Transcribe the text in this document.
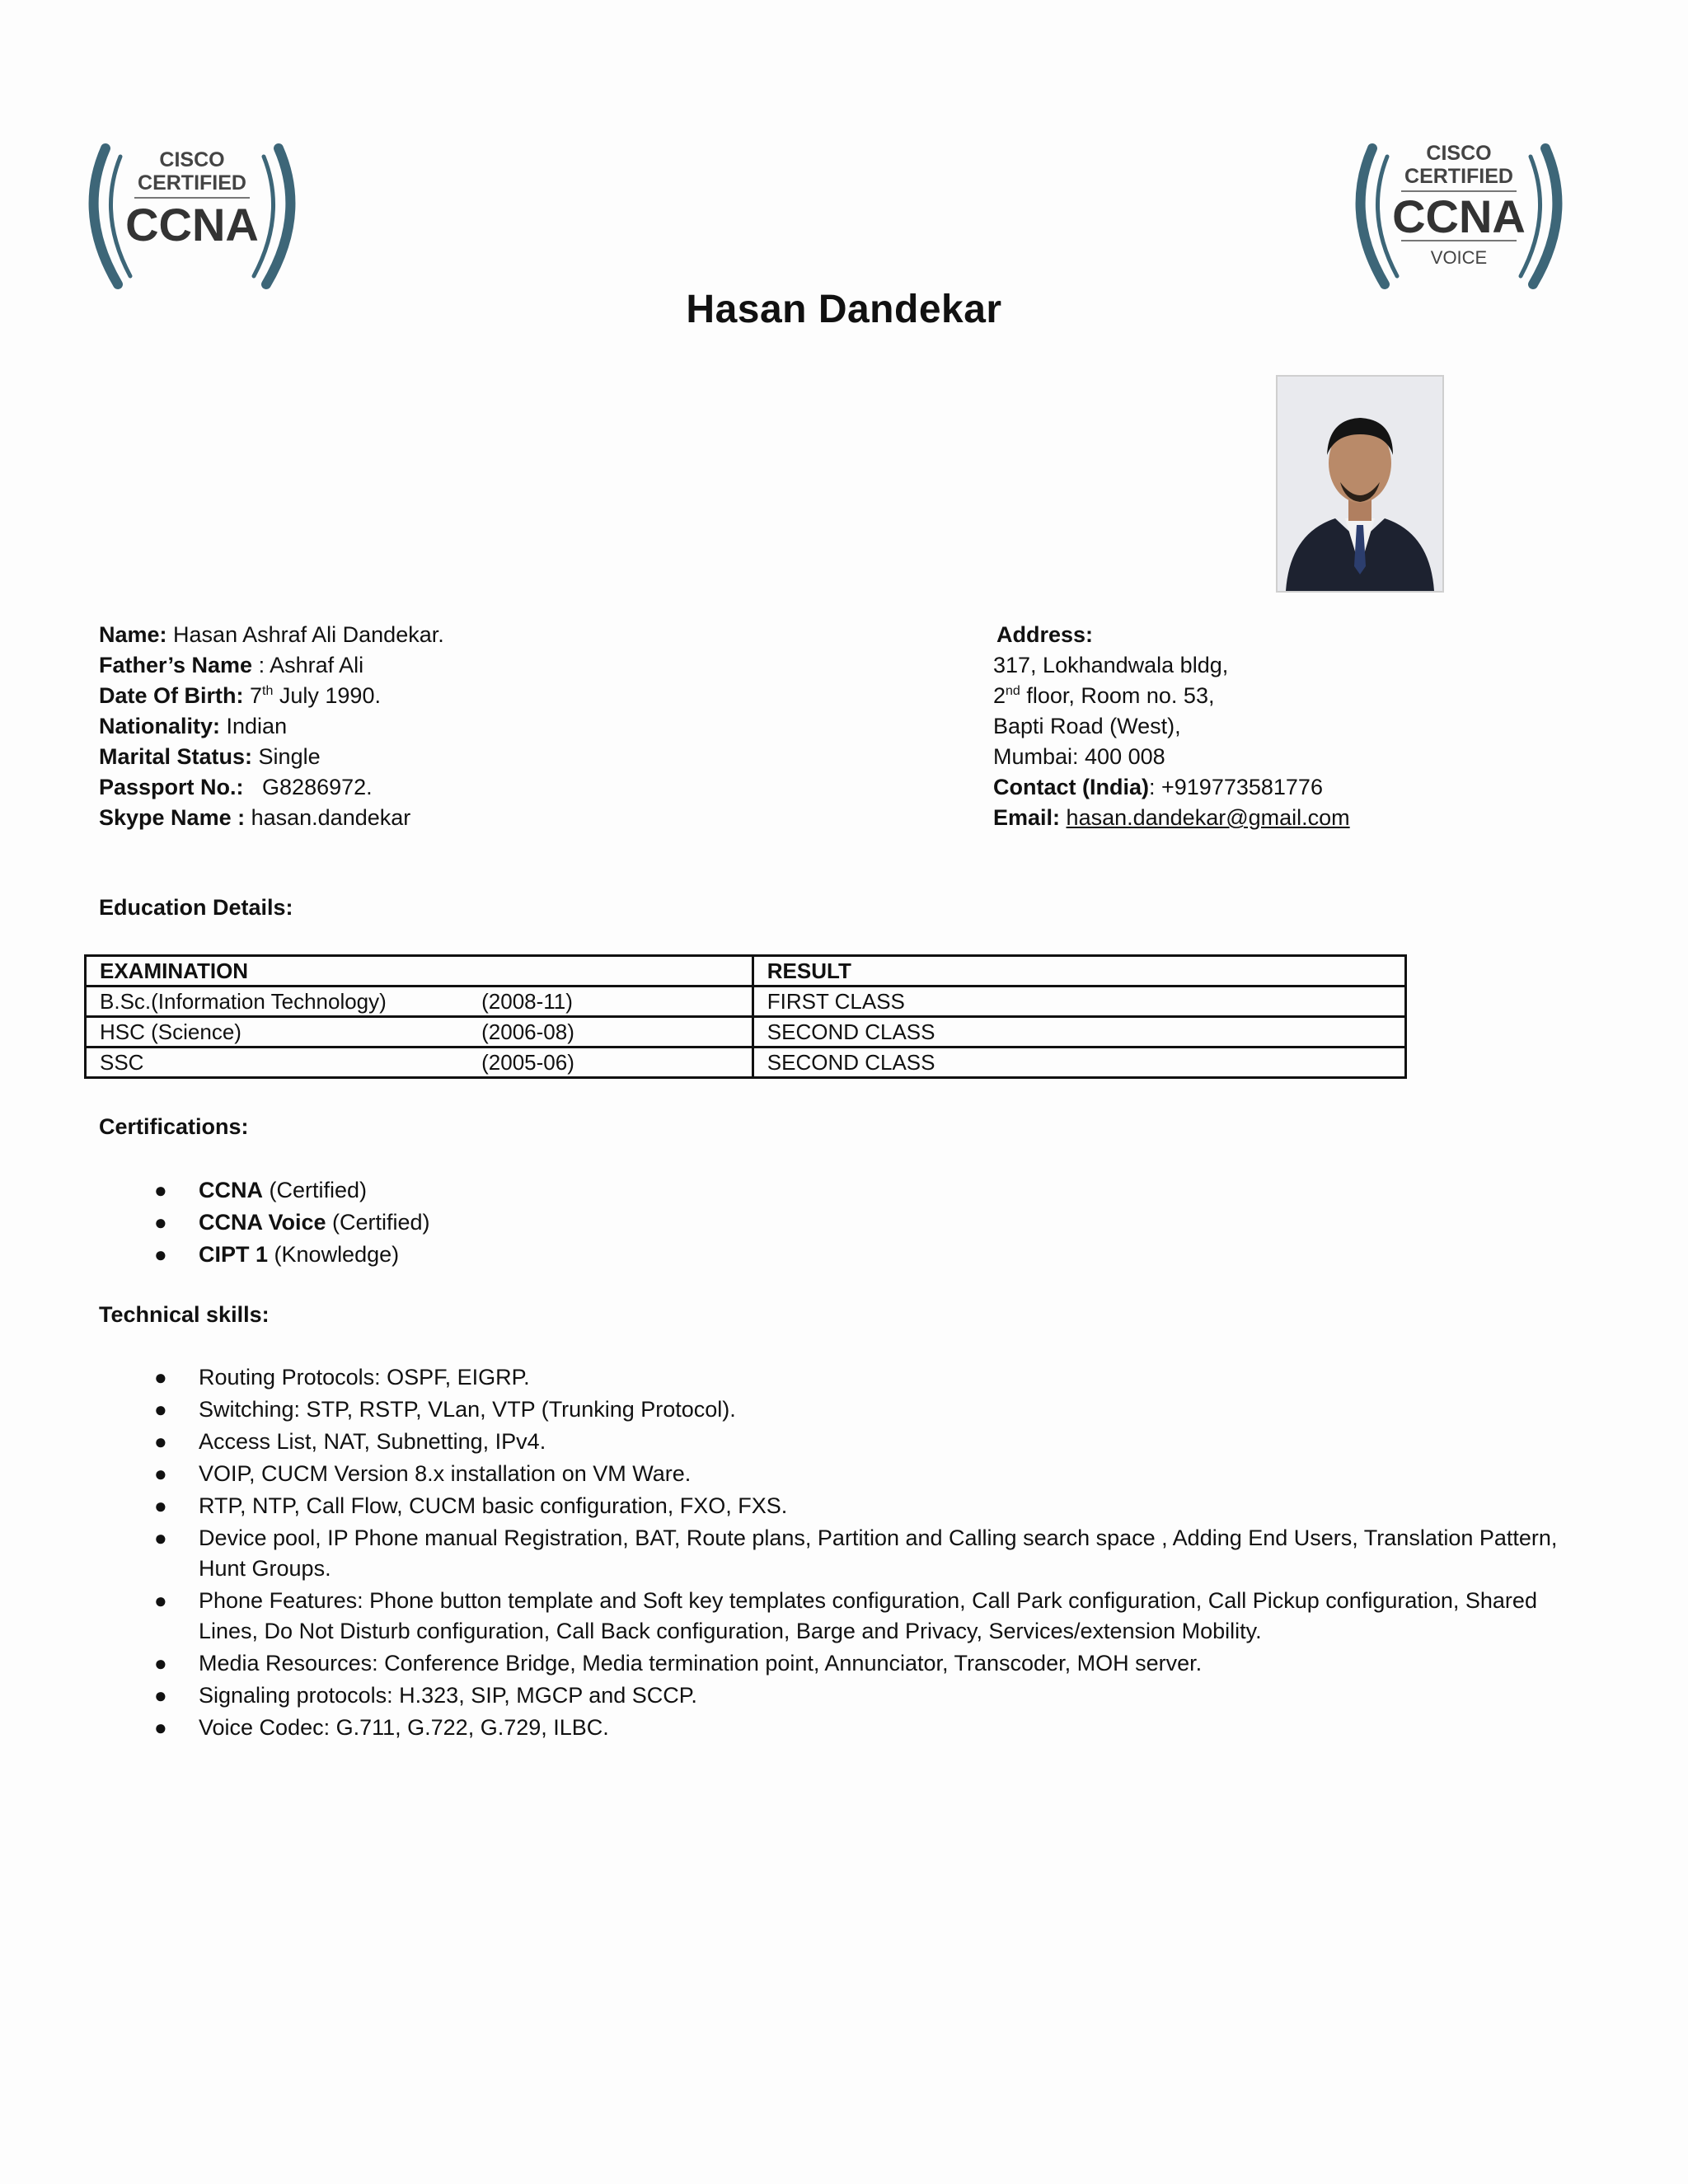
CISCO
CERTIFIED
CCNA
CISCO
CERTIFIED
CCNA
VOICE
Hasan Dandekar
Name: Hasan Ashraf Ali Dandekar.
Father’s Name : Ashraf Ali
Date Of Birth: 7th July 1990.
Nationality: Indian
Marital Status: Single
Passport No.:   G8286972.
Skype Name : hasan.dandekar
Address:
317, Lokhandwala bldg,
2nd floor, Room no. 53,
Bapti Road (West),
Mumbai: 400 008
Contact (India): +919773581776
Email: hasan.dandekar@gmail.com
Education Details:
EXAMINATION		RESULT
B.Sc.(Information Technology)	(2008-11)	FIRST CLASS
HSC (Science)	(2006-08)	SECOND CLASS
SSC	(2005-06)	SECOND CLASS
Certifications:
● CCNA (Certified)
● CCNA Voice (Certified)
● CIPT 1 (Knowledge)
Technical skills:
● Routing Protocols: OSPF, EIGRP.
● Switching: STP, RSTP, VLan, VTP (Trunking Protocol).
● Access List, NAT, Subnetting, IPv4.
● VOIP, CUCM Version 8.x installation on VM Ware.
● RTP, NTP, Call Flow, CUCM basic configuration, FXO, FXS.
● Device pool, IP Phone manual Registration, BAT, Route plans, Partition and Calling search space , Adding End Users, Translation Pattern, Hunt Groups.
● Phone Features: Phone button template and Soft key templates configuration, Call Park configuration, Call Pickup configuration, Shared Lines, Do Not Disturb configuration, Call Back configuration, Barge and Privacy, Services/extension Mobility.
● Media Resources: Conference Bridge, Media termination point, Annunciator, Transcoder, MOH server.
● Signaling protocols: H.323, SIP, MGCP and SCCP.
● Voice Codec: G.711, G.722, G.729, ILBC.
